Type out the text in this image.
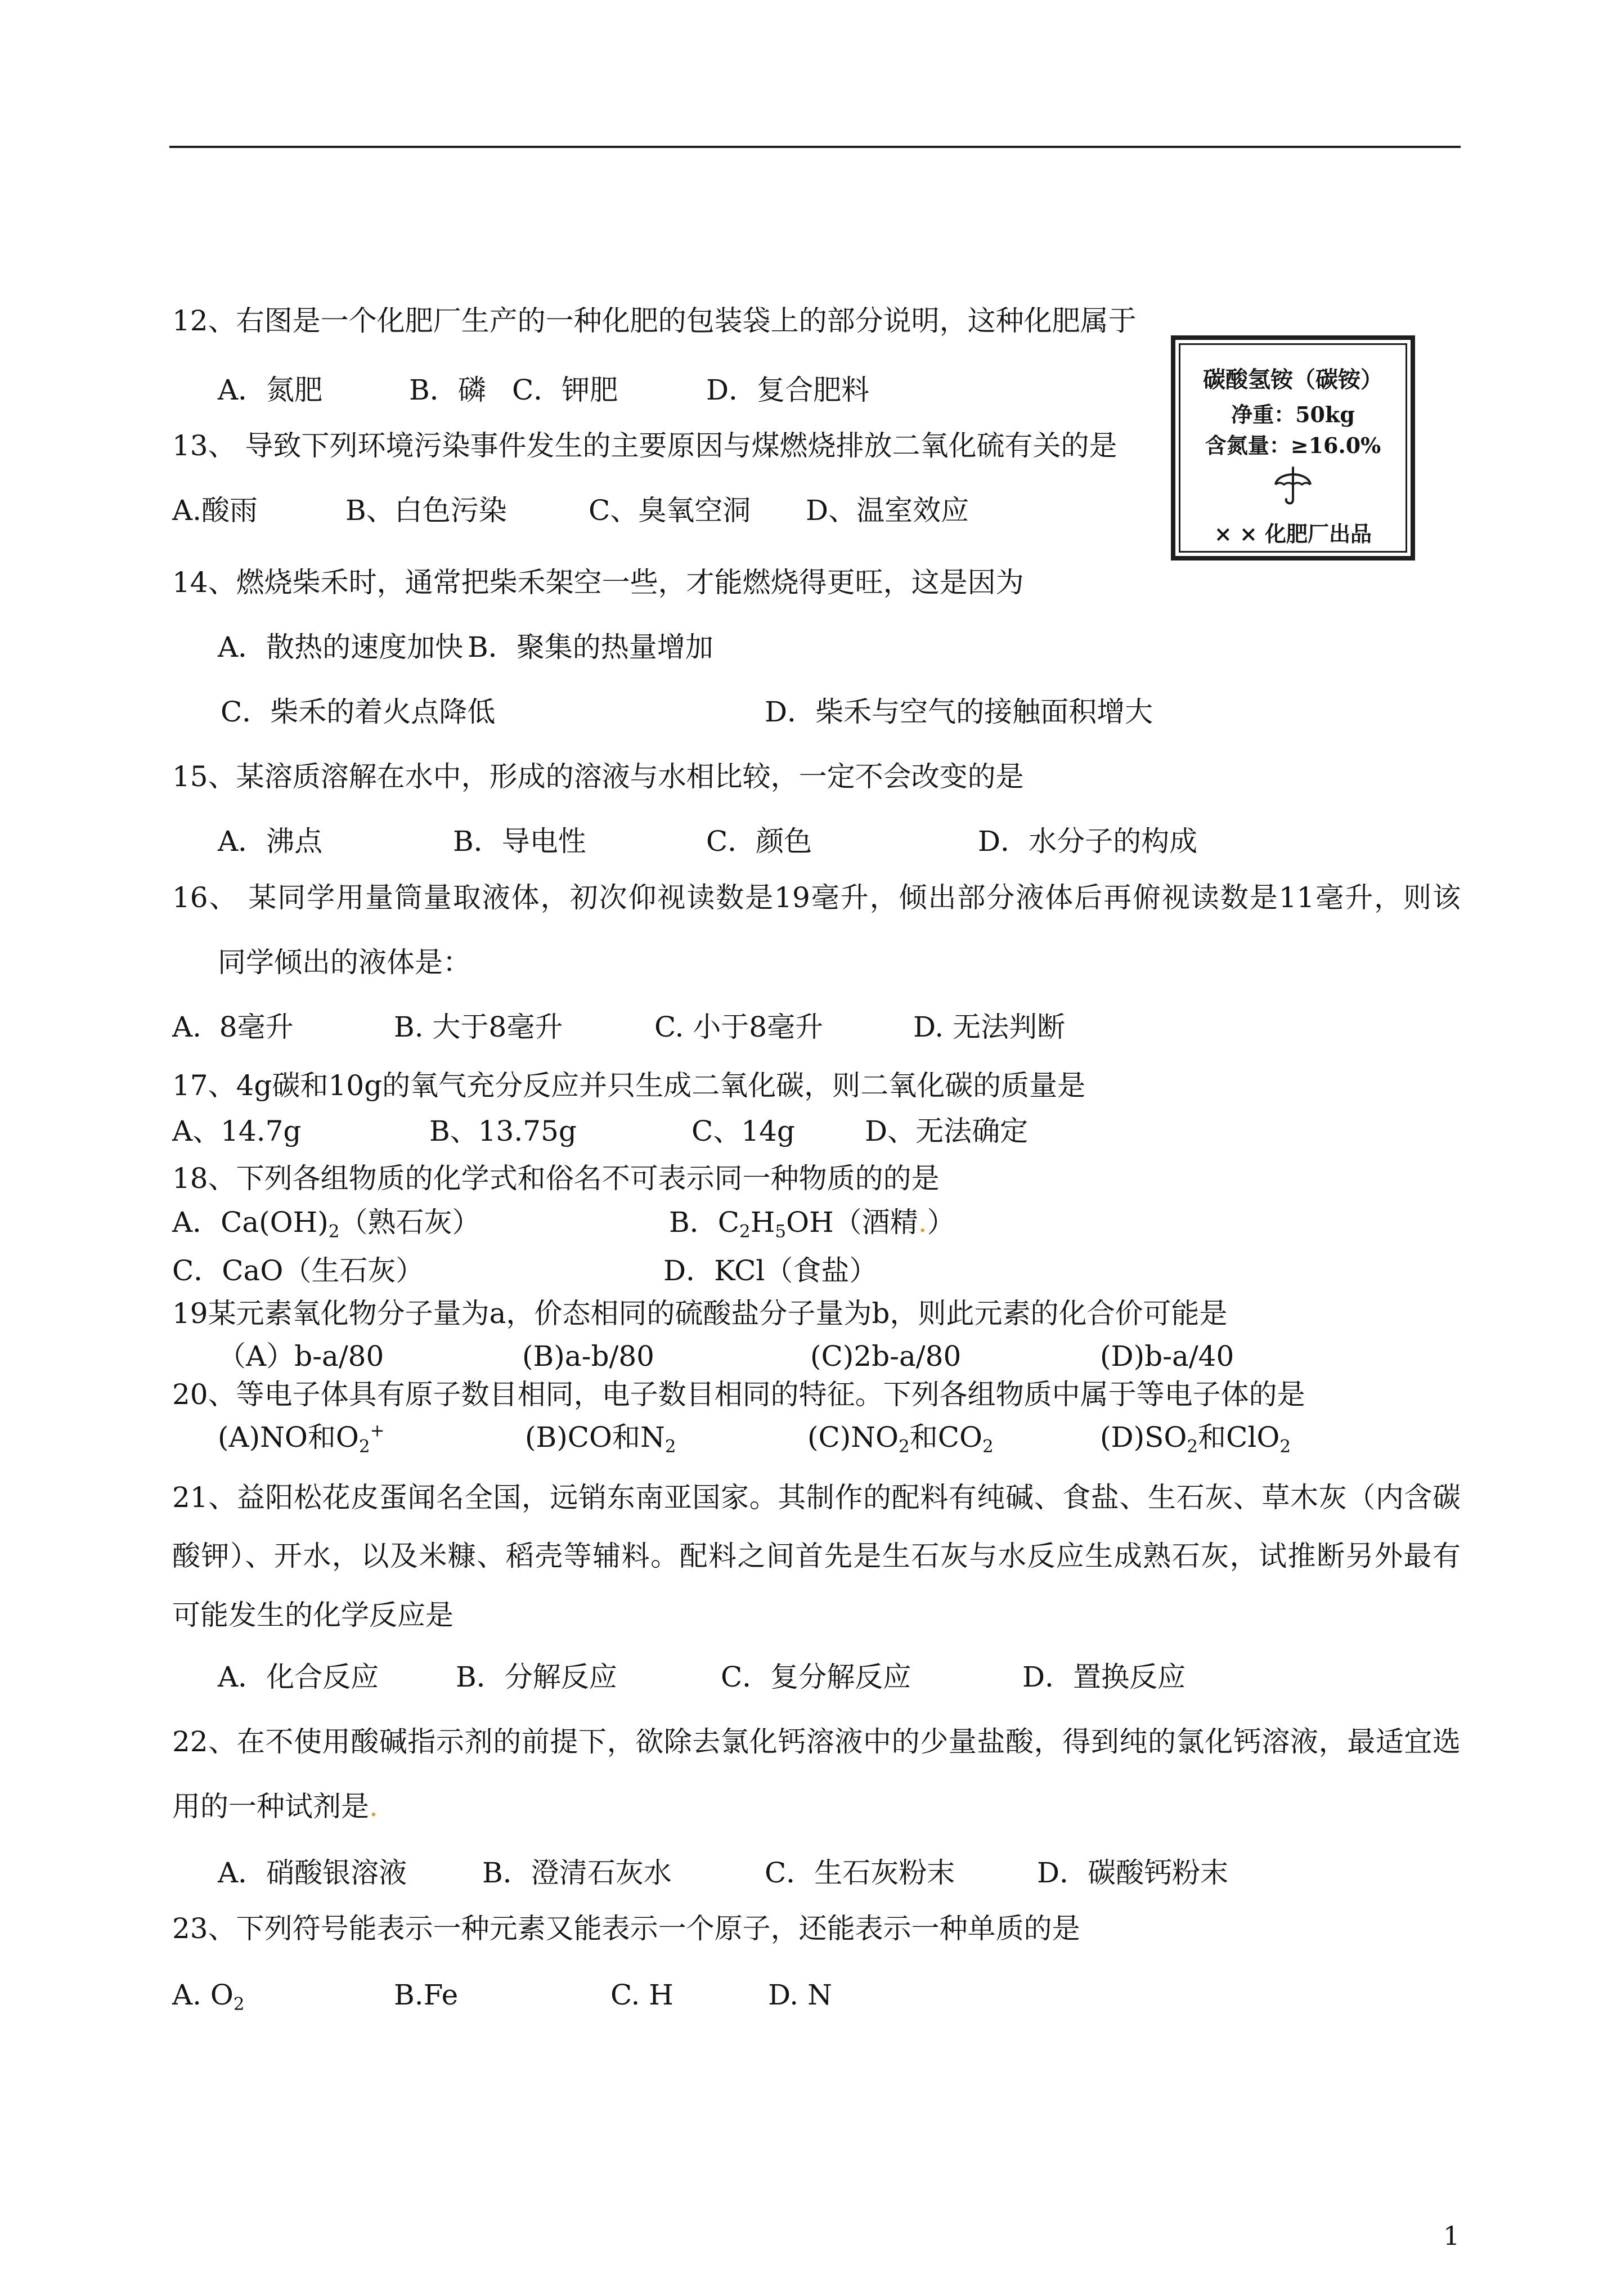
碳酸氢铵（碳铵）
净重：50kg
含氮量：≥16.0%
× × 化肥厂出品
12、右图是一个化肥厂生产的一种化肥的包装袋上的部分说明，这种化肥属于
A．氮肥	B．磷 C．钾肥	D．复合肥料
13、 导致下列环境污染事件发生的主要原因与煤燃烧排放二氧化硫有关的是
A.酸雨	B、白色污染	C、臭氧空洞 D、温室效应
14、燃烧柴禾时，通常把柴禾架空一些，才能燃烧得更旺，这是因为
A．散热的速度加快 B．聚集的热量增加
C．柴禾的着火点降低	D．柴禾与空气的接触面积增大
15、某溶质溶解在水中，形成的溶液与水相比较，一定不会改变的是
A．沸点	B．导电性	C．颜色	D．水分子的构成
16、 某同学用量筒量取液体，初次仰视读数是19毫升，倾出部分液体后再俯视读数是11毫升，则该
同学倾出的液体是：
A.  8毫升	B. 大于8毫升	C. 小于8毫升	D. 无法判断
17、4g碳和10g的氧气充分反应并只生成二氧化碳，则二氧化碳的质量是
A、14.7g	B、13.75g	C、14g D、无法确定
18、下列各组物质的化学式和俗名不可表示同一种物质的的是
A．$Ca(OH)_2$（熟石灰）	B．$C_2H_5OH$（酒精.）
C．CaO（生石灰）	D．KCl（食盐）
19某元素氧化物分子量为a，价态相同的硫酸盐分子量为b，则此元素的化合价可能是
（A）b-a/80	(B)a-b/80	(C)2b-a/80	(D)b-a/40
20、等电子体具有原子数目相同，电子数目相同的特征。下列各组物质中属于等电子体的是
(A)NO和$O_2^+$	(B)CO和$N_2$	$(C)NO_2$和$CO_2$	$(D)SO_2$和ClO$_2$
21、益阳松花皮蛋闻名全国，远销东南亚国家。其制作的配料有纯碱、食盐、生石灰、草木灰（内含碳
酸钾）、开水，以及米糠、稻壳等辅料。配料之间首先是生石灰与水反应生成熟石灰，试推断另外最有
可能发生的化学反应是
A．化合反应	B．分解反应	C．复分解反应	D．置换反应
22、在不使用酸碱指示剂的前提下，欲除去氯化钙溶液中的少量盐酸，得到纯的氯化钙溶液，最适宜选
用的一种试剂是.
A．硝酸银溶液	B．澄清石灰水	C．生石灰粉末	D．碳酸钙粉末
23、下列符号能表示一种元素又能表示一个原子，还能表示一种单质的是
A. $O_2$	B.Fe	C. H	D. N
1
